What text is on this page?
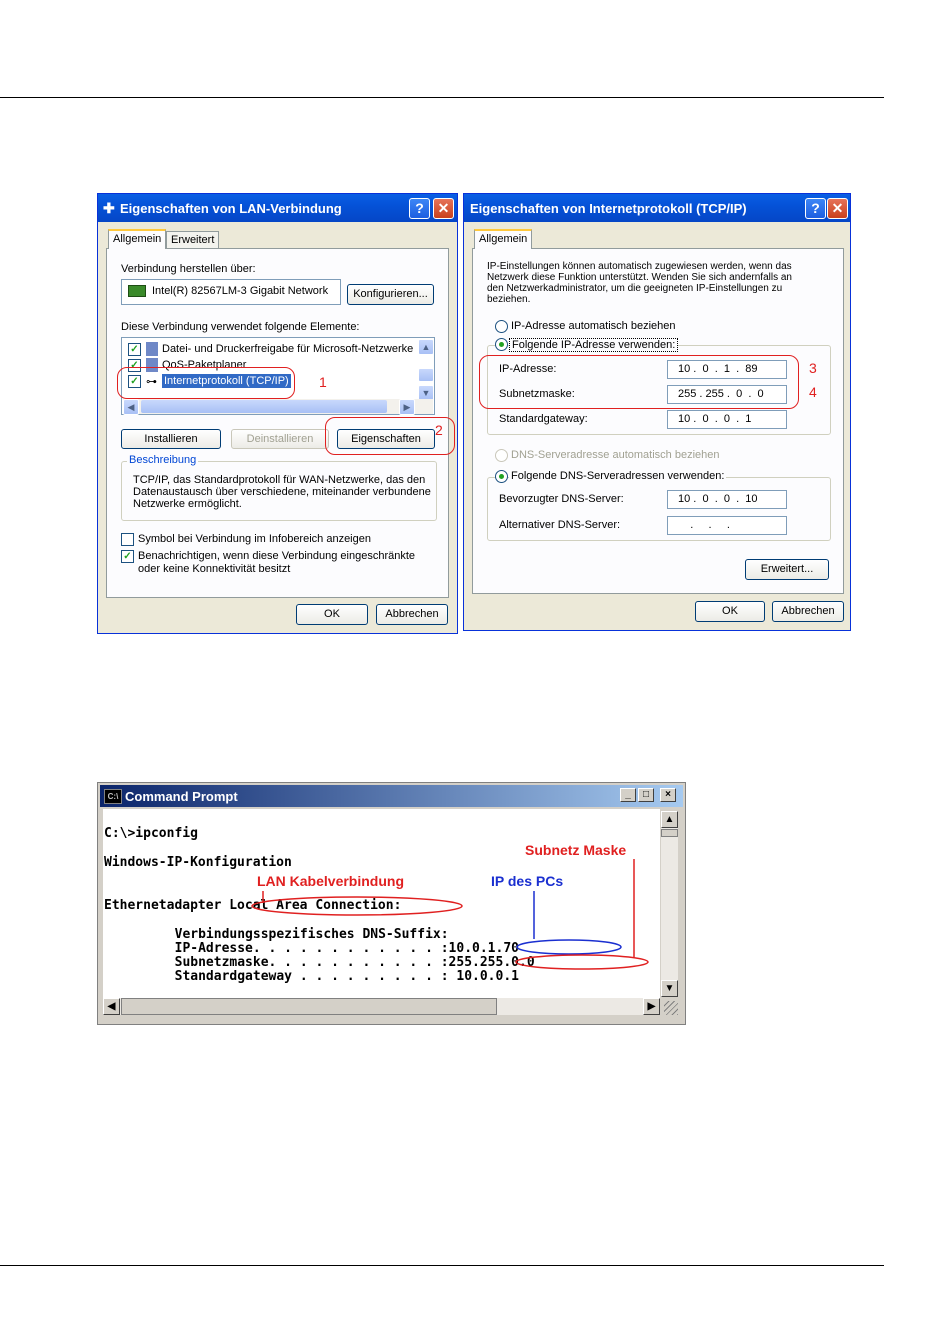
✚ Eigenschaften von LAN-Verbindung	? ✕
Allgemein Erweitert
Verbindung herstellen über:
Intel(R) 82567LM-3 Gigabit Network	Konfigurieren...
Diese Verbindung verwendet folgende Elemente:
✓ Datei- und Druckerfreigabe für Microsoft-Netzwerke
✓ QoS-Paketplaner
✓ ⊶ Internetprotokoll (TCP/IP)
▲
▼
◀	▶
1
Installieren	Deinstallieren	Eigenschaften
2
Beschreibung
TCP/IP, das Standardprotokoll für WAN-Netzwerke, das den Datenaustausch über verschiedene, miteinander verbundene Netzwerke ermöglicht.
Symbol bei Verbindung im Infobereich anzeigen
✓ Benachrichtigen, wenn diese Verbindung eingeschränkte oder keine Konnektivität besitzt
OK	Abbrechen
Eigenschaften von Internetprotokoll (TCP/IP)	? ✕
Allgemein
IP-Einstellungen können automatisch zugewiesen werden, wenn das Netzwerk diese Funktion unterstützt. Wenden Sie sich andernfalls an den Netzwerkadministrator, um die geeigneten IP-Einstellungen zu beziehen.
IP-Adresse automatisch beziehen
Folgende IP-Adresse verwenden:
IP-Adresse:	10 .  0  .  1  .  89
Subnetzmaske:	255 . 255 .  0  .  0
Standardgateway:	10 .  0  .  0  .  1
3
4
DNS-Serveradresse automatisch beziehen
Folgende DNS-Serveradressen verwenden:
Bevorzugter DNS-Server:	10 .  0  .  0  .  10
Alternativer DNS-Server:	.     .     .
Erweitert...
OK	Abbrechen
C:\ Command Prompt	_	□	×
C:\>ipconfig
Windows-IP-Konfiguration
Ethernetadapter Local Area Connection:
Verbindungsspezifisches DNS-Suffix:
IP-Adresse. . . . . . . . . . . . :10.0.1.70
Subnetzmaske. . . . . . . . . . . :255.255.0.0
Standardgateway . . . . . . . . . : 10.0.0.1
LAN Kabelverbindung	IP des PCs
Subnetz Maske
▲
▼
◀	▶
